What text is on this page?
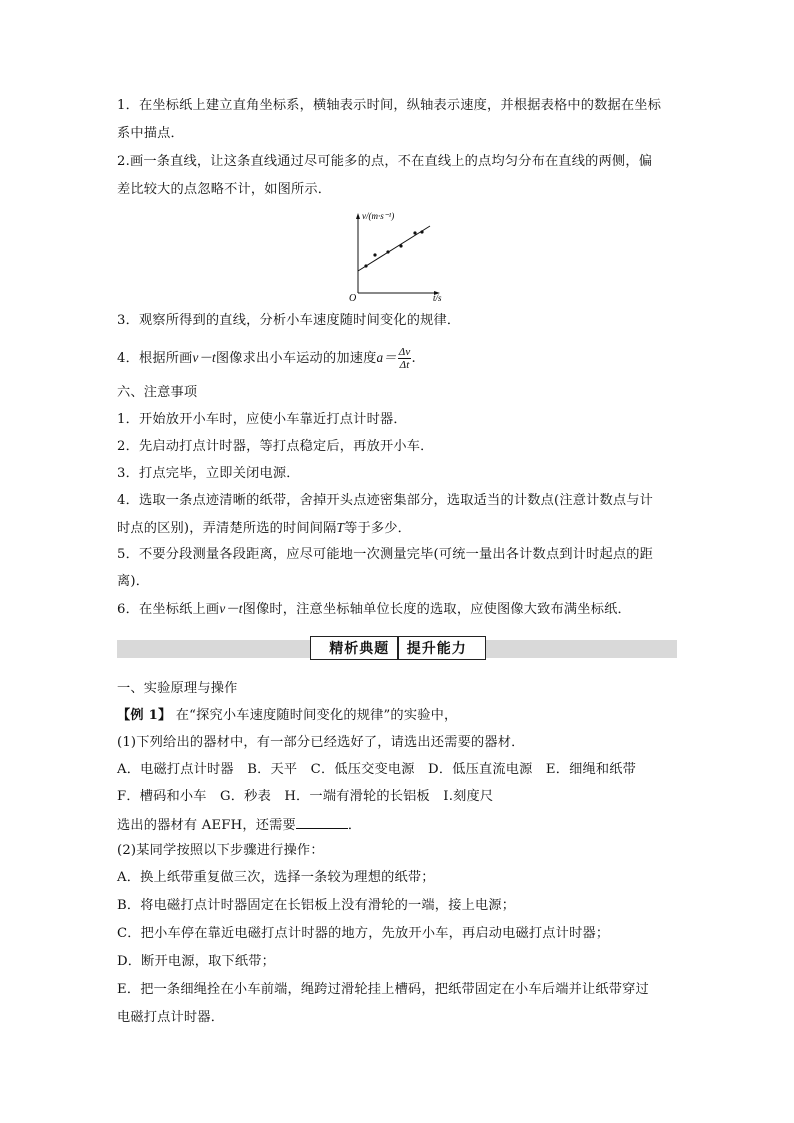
1．在坐标纸上建立直角坐标系，横轴表示时间，纵轴表示速度，并根据表格中的数据在坐标
系中描点．
2.画一条直线，让这条直线通过尽可能多的点，不在直线上的点均匀分布在直线的两侧，偏
差比较大的点忽略不计，如图所示．
v/(m·s⁻¹)
O	t/s
3．观察所得到的直线，分析小车速度随时间变化的规律．
4．根据所画v－t图像求出小车运动的加速度$a= \frac{\Delta v}{\Delta t}$ .
六、注意事项
1．开始放开小车时，应使小车靠近打点计时器．
2．先启动打点计时器，等打点稳定后，再放开小车．
3．打点完毕，立即关闭电源．
4．选取一条点迹清晰的纸带，舍掉开头点迹密集部分，选取适当的计数点(注意计数点与计
时点的区别)，弄清楚所选的时间间隔T等于多少．
5．不要分段测量各段距离，应尽可能地一次测量完毕(可统一量出各计数点到计时起点的距
离)．
6．在坐标纸上画v－t图像时，注意坐标轴单位长度的选取，应使图像大致布满坐标纸．
精析典题 提升能力
一、实验原理与操作
【例 1】 在“探究小车速度随时间变化的规律”的实验中，
(1)下列给出的器材中，有一部分已经选好了，请选出还需要的器材．
A．电磁打点计时器　B．天平　C．低压交变电源　D．低压直流电源　E．细绳和纸带
F．槽码和小车　G．秒表　H．一端有滑轮的长铝板　I.刻度尺
选出的器材有 AEFH，还需要	．
(2)某同学按照以下步骤进行操作：
A．换上纸带重复做三次，选择一条较为理想的纸带；
B．将电磁打点计时器固定在长铝板上没有滑轮的一端，接上电源；
C．把小车停在靠近电磁打点计时器的地方，先放开小车，再启动电磁打点计时器；
D．断开电源，取下纸带；
E．把一条细绳拴在小车前端，绳跨过滑轮挂上槽码，把纸带固定在小车后端并让纸带穿过
电磁打点计时器．
